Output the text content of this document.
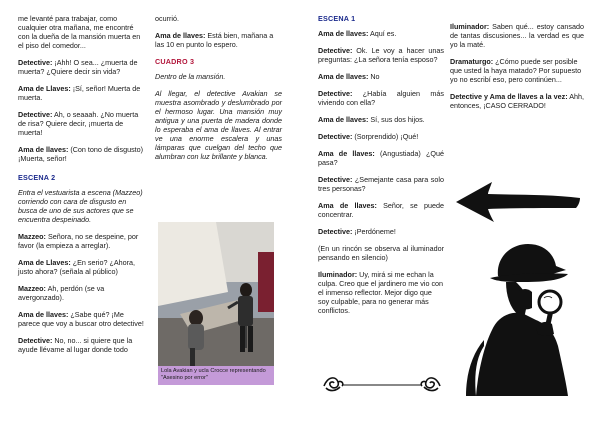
me levanté para trabajar, como cualquier otra mañana, me encontré con la dueña de la mansión muerta en el piso del comedor...
Detective: ¡Ahh! O sea... ¿muerta de muerta? ¿Quiere decir sin vida?
Ama de Llaves: ¡Sí, señor! Muerta de muerta.
Detective: Ah, o seaaah. ¿No muerta de risa? Quiere decir, ¡muerta de muerta!
Ama de llaves: (Con tono de disgusto) ¡Muerta, señor!
ESCENA 2
Entra el vestuarista a escena (Mazzeo) corriendo con cara de disgusto en busca de uno de sus actores que se encuentra despeinado.
Mazzeo: Señora, no se despeine, por favor (la empieza a arreglar).
Ama de Llaves: ¿En serio? ¿Ahora, justo ahora? (señala al público)
Mazzeo: Ah, perdón (se va avergonzado).
Ama de llaves: ¿Sabe qué? ¡Me parece que voy a buscar otro detective!
Detective: No, no... si quiere que la ayude llévame al lugar donde todo
ocurrió.
Ama de llaves: Está bien, mañana a las 10 en punto lo espero.
CUADRO 3
Dentro de la mansión.
Al llegar, el detective Avakian se muestra asombrado y deslumbrado por el hermoso lugar. Una mansión muy antigua y una puerta de madera donde lo esperaba el ama de llaves. Al entrar ve una enorme escalera y unas lámparas que cuelgan del techo que alumbran con luz brillante y blanca.
Lola Avakian y ucla Crocce representando "Asesino por error"
ESCENA 1
Ama de llaves: Aquí es.
Detective: Ok. Le voy a hacer unas preguntas: ¿La señora tenía esposo?
Ama de llaves: No
Detective: ¿Había alguien más viviendo con ella?
Ama de llaves: Sí, sus dos hijos.
Detective: (Sorprendido) ¡Qué!
Ama de llaves: (Angustiada) ¿Qué pasa?
Detective: ¿Semejante casa para solo tres personas?
Ama de llaves: Señor, se puede concentrar.
Detective: ¡Perdóneme!
(En un rincón se observa al iluminador pensando en silencio)
Iluminador: Uy, mirá si me echan la culpa. Creo que el jardinero me vio con el inmenso reflector. Mejor digo que soy culpable, para no generar más conflictos.
Iluminador: Saben qué... estoy cansado de tantas discusiones... la verdad es que yo la maté.
Dramaturgo: ¿Cómo puede ser posible que usted la haya matado? Por supuesto yo no escribí eso, pero continúen...
Detective y Ama de llaves a la vez: Ahh, entonces, ¡CASO CERRADO!
